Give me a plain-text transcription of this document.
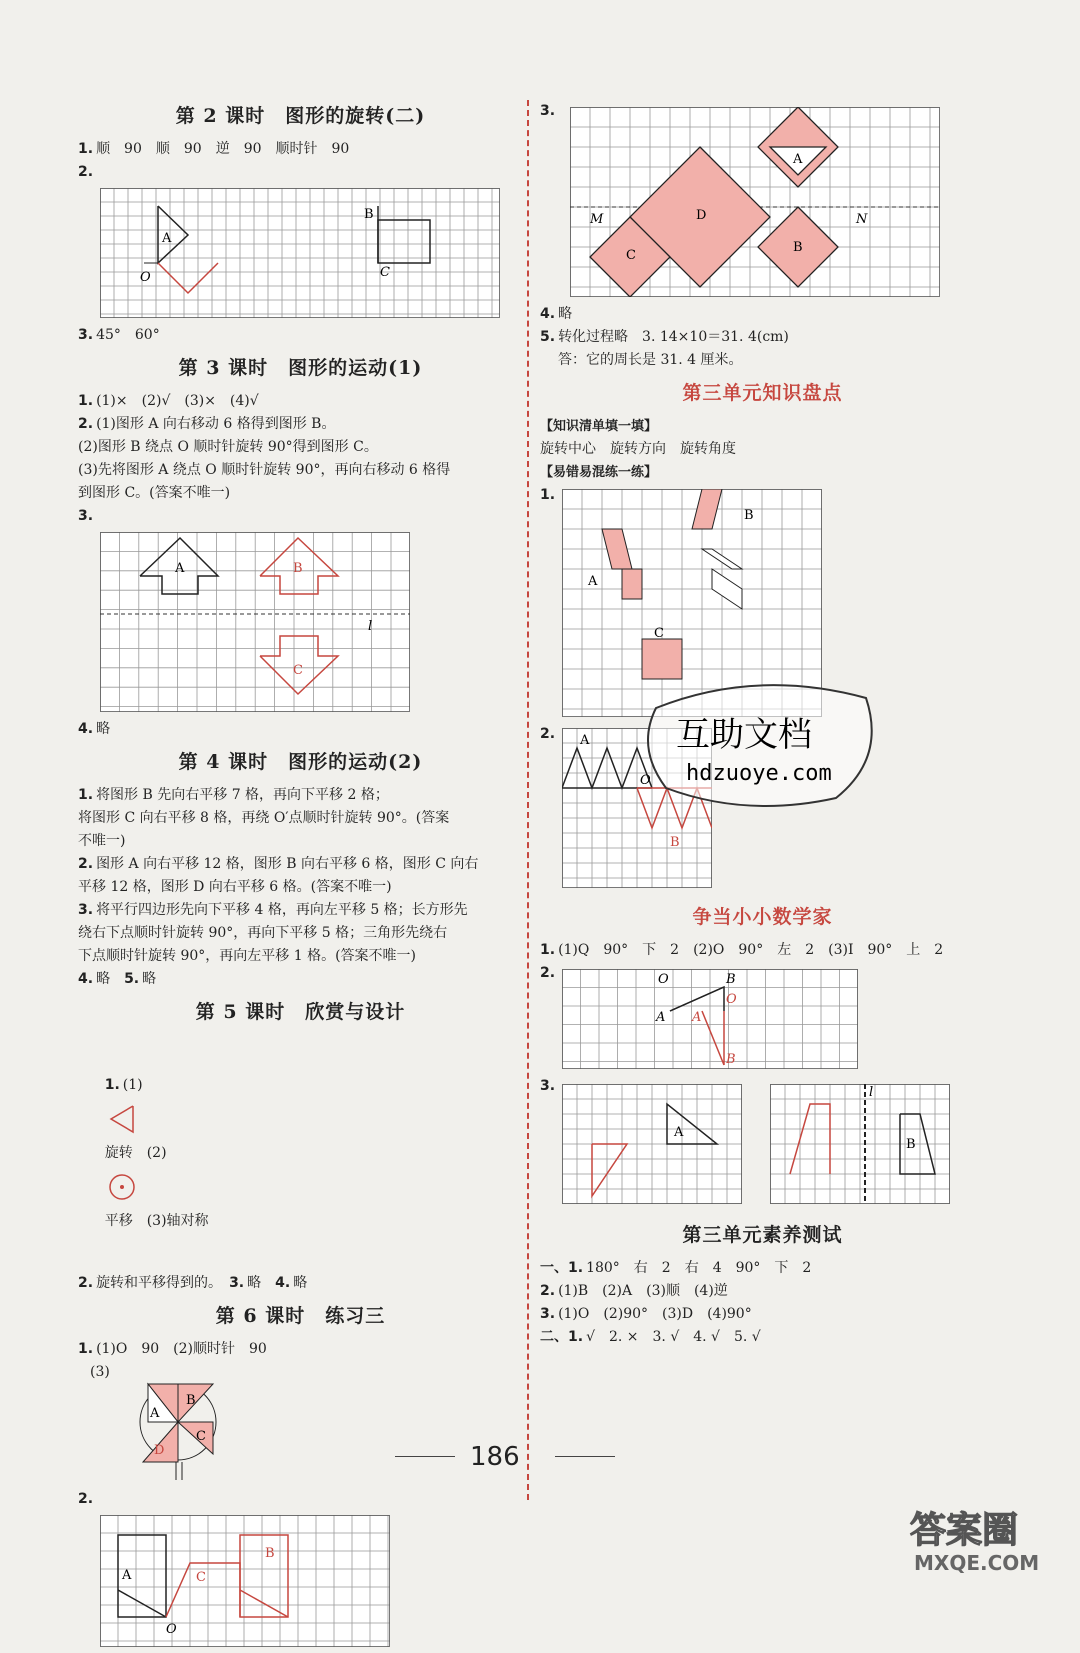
第 2 课时　图形的旋转(二)

1. 顺　90　顺　90　逆　90　顺时针　90

2.

A
O
B
C

3. 45°　60°

第 3 课时　图形的运动(1)

1. (1)×　(2)√　(3)×　(4)√

2. (1)图形 A 向右移动 6 格得到图形 B。

(2)图形 B 绕点 O 顺时针旋转 90°得到图形 C。

(3)先将图形 A 绕点 O 顺时针旋转 90°，再向右移动 6 格得

到图形 C。(答案不唯一)

3.

A	B
C
l

4. 略

第 4 课时　图形的运动(2)

1. 将图形 B 先向右平移 7 格，再向下平移 2 格；

将图形 C 向右平移 8 格，再绕 O′点顺时针旋转 90°。(答案

不唯一)

2. 图形 A 向右平移 12 格，图形 B 向右平移 6 格，图形 C 向右

平移 12 格，图形 D 向右平移 6 格。(答案不唯一)

3. 将平行四边形先向下平移 4 格，再向左平移 5 格；长方形先

绕右下点顺时针旋转 90°，再向下平移 5 格；三角形先绕右

下点顺时针旋转 90°，再向左平移 1 格。(答案不唯一)

4. 略　 5. 略

第 5 课时　欣赏与设计

1. (1)

旋转　(2)

平移　(3)轴对称

2. 旋转和平移得到的。　 3. 略　 4. 略

第 6 课时　练习三

1. (1)O　90　(2)顺时针　90

(3)

A
B
C
D

2.

A	C
B
O

3.

A
D
C
B
M	N

4. 略

5. 转化过程略　3. 14×10＝31. 4(cm)

答：它的周长是 31. 4 厘米。

第三单元知识盘点

【知识清单填一填】

旋转中心　旋转方向　旋转角度

【易错易混练一练】

1.

B
A
C

2.	A
O
B
争当小小数学家

1. (1)Q　90°　下　2　(2)O　90°　左　2　(3)I　90°　上　2

2.	O	B
O
A A
B

3.

A
l
B
第三单元素养测试

一、1. 180°　右　2　右　4　90°　下　2

2. (1)B　(2)A　(3)顺　(4)逆

3. (1)O　(2)90°　(3)D　(4)90°

二、1. √　2. ×　3. √　4. √　5. √

互助文档
hdzuoye.com
186
答案圈
MXQE.COM
